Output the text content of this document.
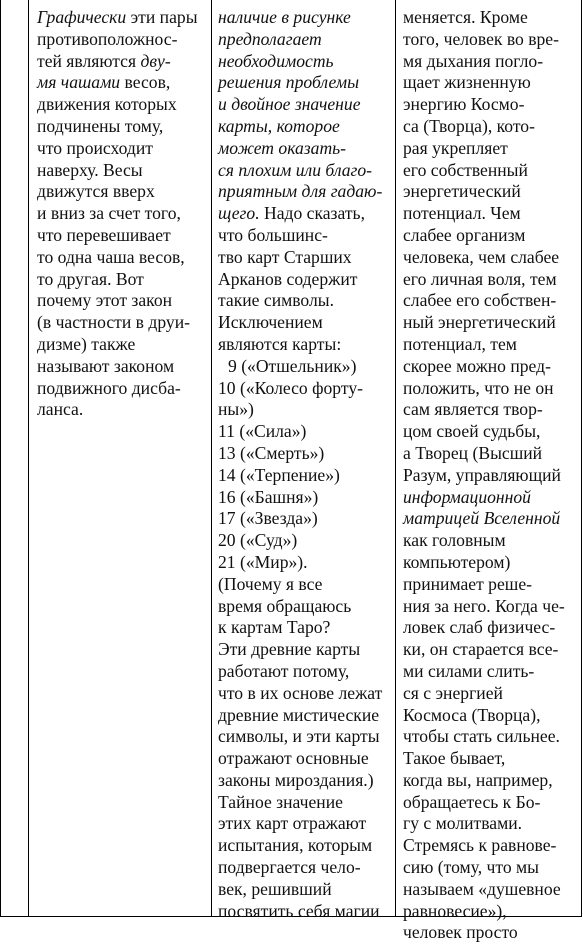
Графически эти пары
противоположнос-
тей являются дву-
мя чашами весов,
движения которых
подчинены тому,
что происходит
наверху. Весы
движутся вверх
и вниз за счет того,
что перевешивает
то одна чаша весов,
то другая. Вот
почему этот закон
(в частности в друи-
дизме) также
называют законом
подвижного дисба-
ланса.
наличие в рисунке
предполагает
необходимость
решения проблемы
и двойное значение
карты, которое
может оказать-
ся плохим или благо-
приятным для гадаю-
щего. Надо сказать,
что большинс-
тво карт Старших
Арканов содержит
такие символы.
Исключением
являются карты:
9 («Отшельник»)
10 («Колесо форту-
ны»)
11 («Сила»)
13 («Смерть»)
14 («Терпение»)
16 («Башня»)
17 («Звезда»)
20 («Суд»)
21 («Мир»).
(Почему я все
время обращаюсь
к картам Таро?
Эти древние карты
работают потому,
что в их основе лежат
древние мистические
символы, и эти карты
отражают основные
законы мироздания.)
Тайное значение
этих карт отражают
испытания, которым
подвергается чело-
век, решивший
посвятить себя магии
меняется. Кроме
того, человек во вре-
мя дыхания погло-
щает жизненную
энергию Космо-
са (Творца), кото-
рая укрепляет
его собственный
энергетический
потенциал. Чем
слабее организм
человека, чем слабее
его личная воля, тем
слабее его собствен-
ный энергетический
потенциал, тем
скорее можно пред-
положить, что не он
сам является твор-
цом своей судьбы,
а Творец (Высший
Разум, управляющий
информационной
матрицей Вселенной
как головным
компьютером)
принимает реше-
ния за него. Когда че-
ловек слаб физичес-
ки, он старается все-
ми силами слить-
ся с энергией
Космоса (Творца),
чтобы стать сильнее.
Такое бывает,
когда вы, например,
обращаетесь к Бо-
гу с молитвами.
Стремясь к равнове-
сию (тому, что мы
называем «душевное
равновесие»),
человек просто
